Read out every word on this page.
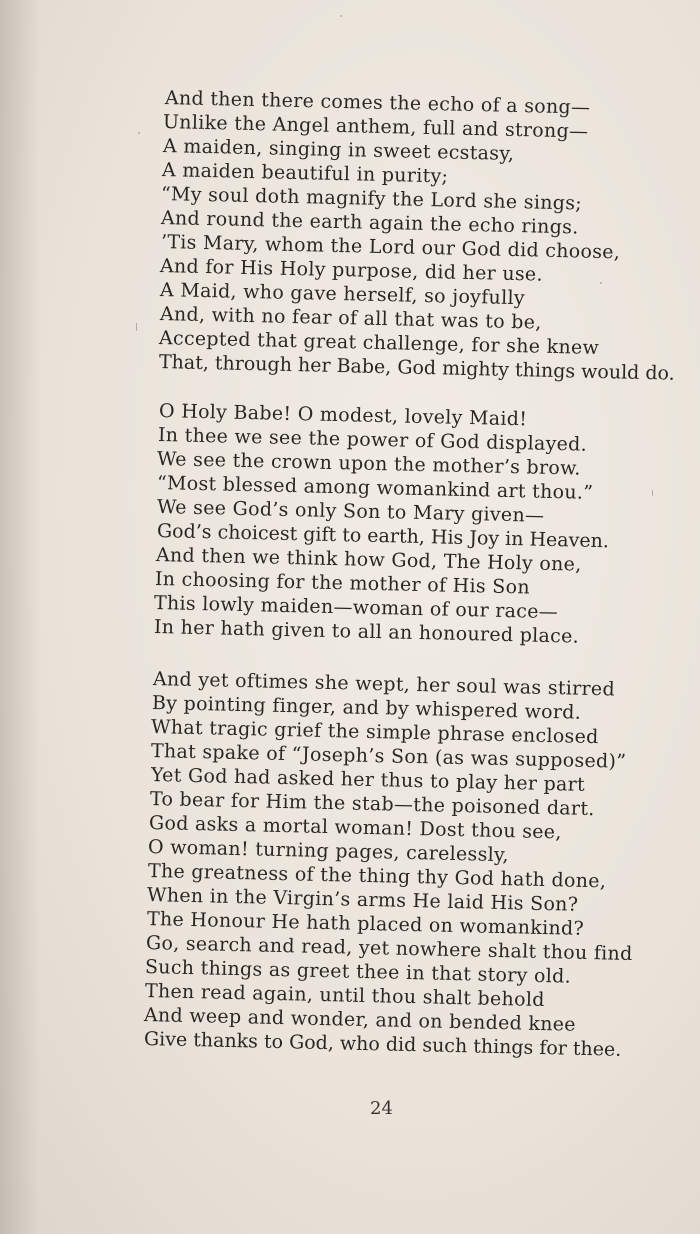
And then there comes the echo of a song—
Unlike the Angel anthem, full and strong—
A maiden, singing in sweet ecstasy,
A maiden beautiful in purity;
“My soul doth magnify the Lord she sings;
And round the earth again the echo rings.
’Tis Mary, whom the Lord our God did choose,
And for His Holy purpose, did her use.
A Maid, who gave herself, so joyfully
And, with no fear of all that was to be,
Accepted that great challenge, for she knew
That, through her Babe, God mighty things would do.
O Holy Babe! O modest, lovely Maid!
In thee we see the power of God displayed.
We see the crown upon the mother’s brow.
“Most blessed among womankind art thou.”
We see God’s only Son to Mary given—
God’s choicest gift to earth, His Joy in Heaven.
And then we think how God, The Holy one,
In choosing for the mother of His Son
This lowly maiden—woman of our race—
In her hath given to all an honoured place.
And yet oftimes she wept, her soul was stirred
By pointing finger, and by whispered word.
What tragic grief the simple phrase enclosed
That spake of “Joseph’s Son (as was supposed)”
Yet God had asked her thus to play her part
To bear for Him the stab—the poisoned dart.
God asks a mortal woman! Dost thou see,
O woman! turning pages, carelessly,
The greatness of the thing thy God hath done,
When in the Virgin’s arms He laid His Son?
The Honour He hath placed on womankind?
Go, search and read, yet nowhere shalt thou find
Such things as greet thee in that story old.
Then read again, until thou shalt behold
And weep and wonder, and on bended knee
Give thanks to God, who did such things for thee.
24
